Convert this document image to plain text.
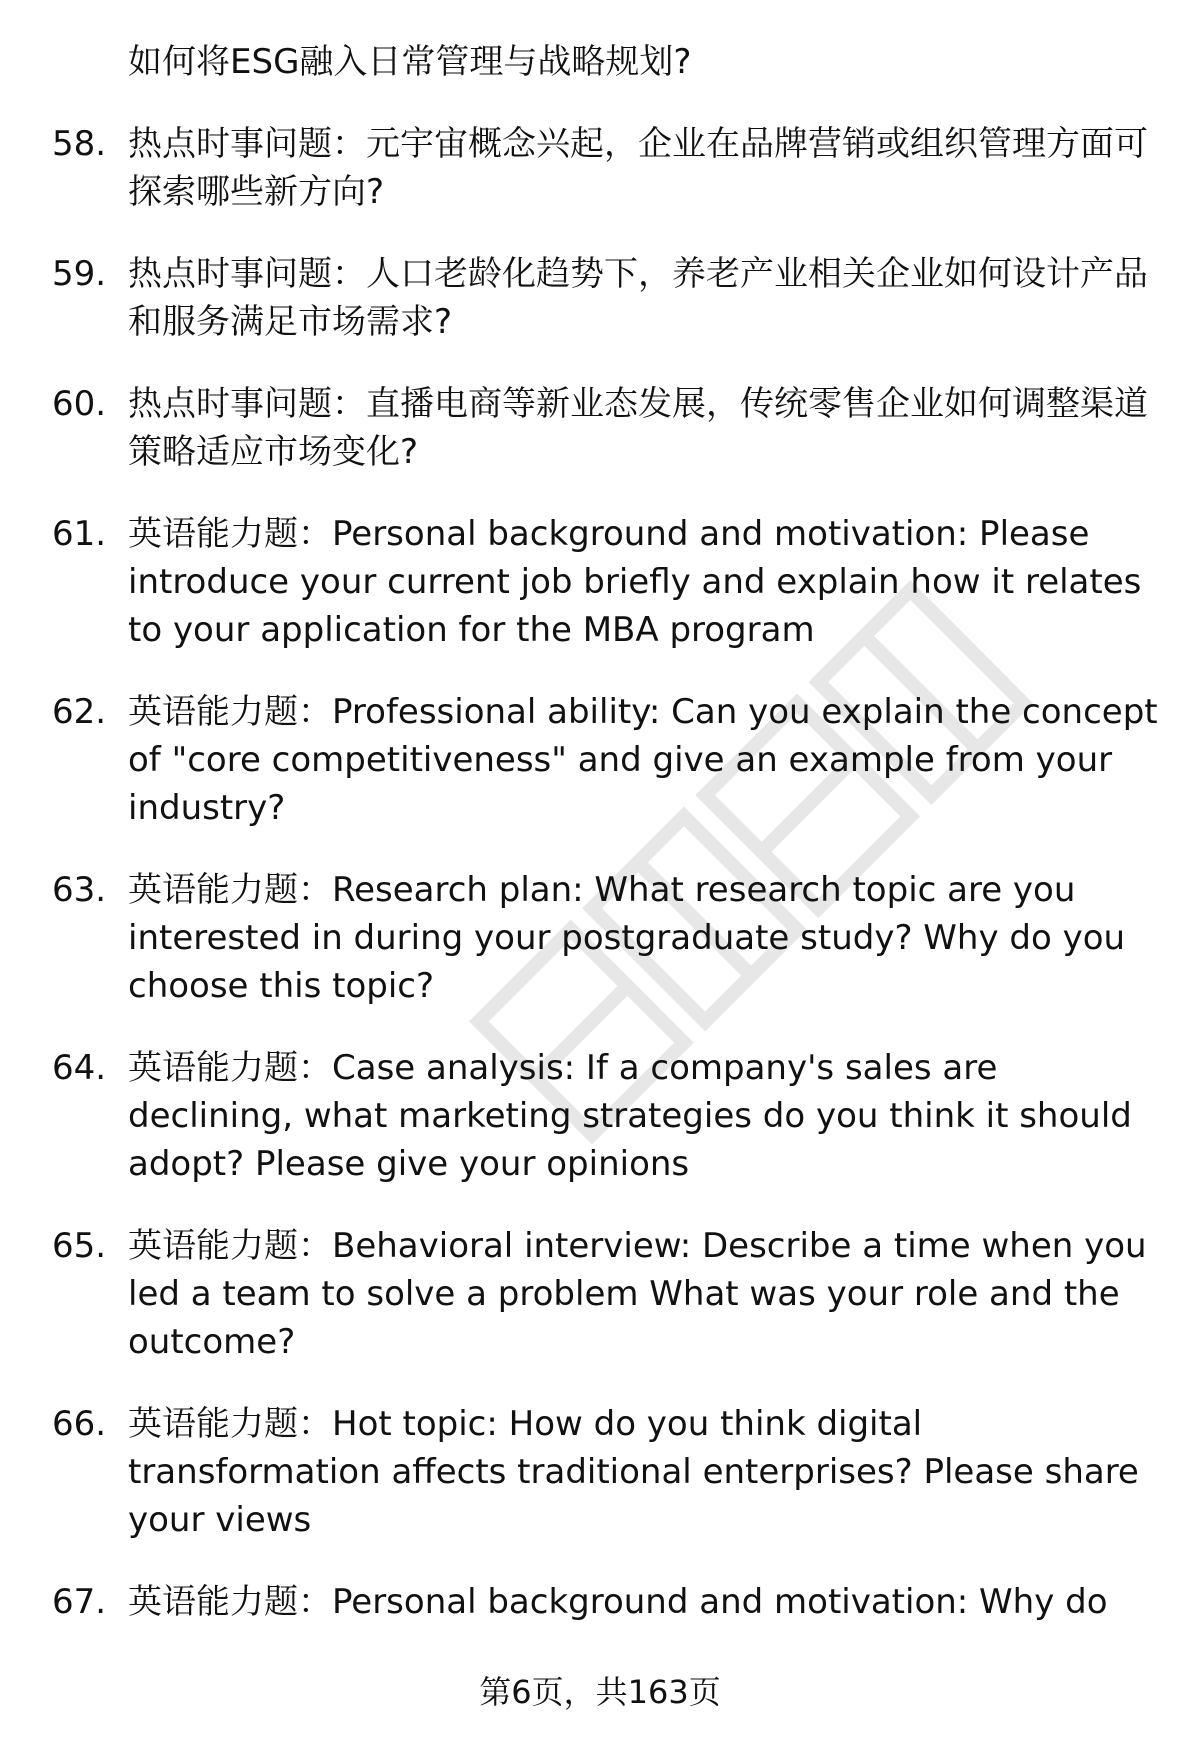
如何将ESG融入日常管理与战略规划?
58. 热点时事问题：元宇宙概念兴起，企业在品牌营销或组织管理方面可探索哪些新方向?
59. 热点时事问题：人口老龄化趋势下，养老产业相关企业如何设计产品和服务满足市场需求?
60. 热点时事问题：直播电商等新业态发展，传统零售企业如何调整渠道策略适应市场变化?
61. 英语能力题：Personal background and motivation: Please introduce your current job briefly and explain how it relates to your application for the MBA program
62. 英语能力题：Professional ability: Can you explain the concept of "core competitiveness" and give an example from your industry?
63. 英语能力题：Research plan: What research topic are you interested in during your postgraduate study? Why do you choose this topic?
64. 英语能力题：Case analysis: If a company's sales are declining, what marketing strategies do you think it should adopt? Please give your opinions
65. 英语能力题：Behavioral interview: Describe a time when you led a team to solve a problem What was your role and the outcome?
66. 英语能力题：Hot topic: How do you think digital transformation affects traditional enterprises? Please share your views
67. 英语能力题：Personal background and motivation: Why do
第6页，共163页
